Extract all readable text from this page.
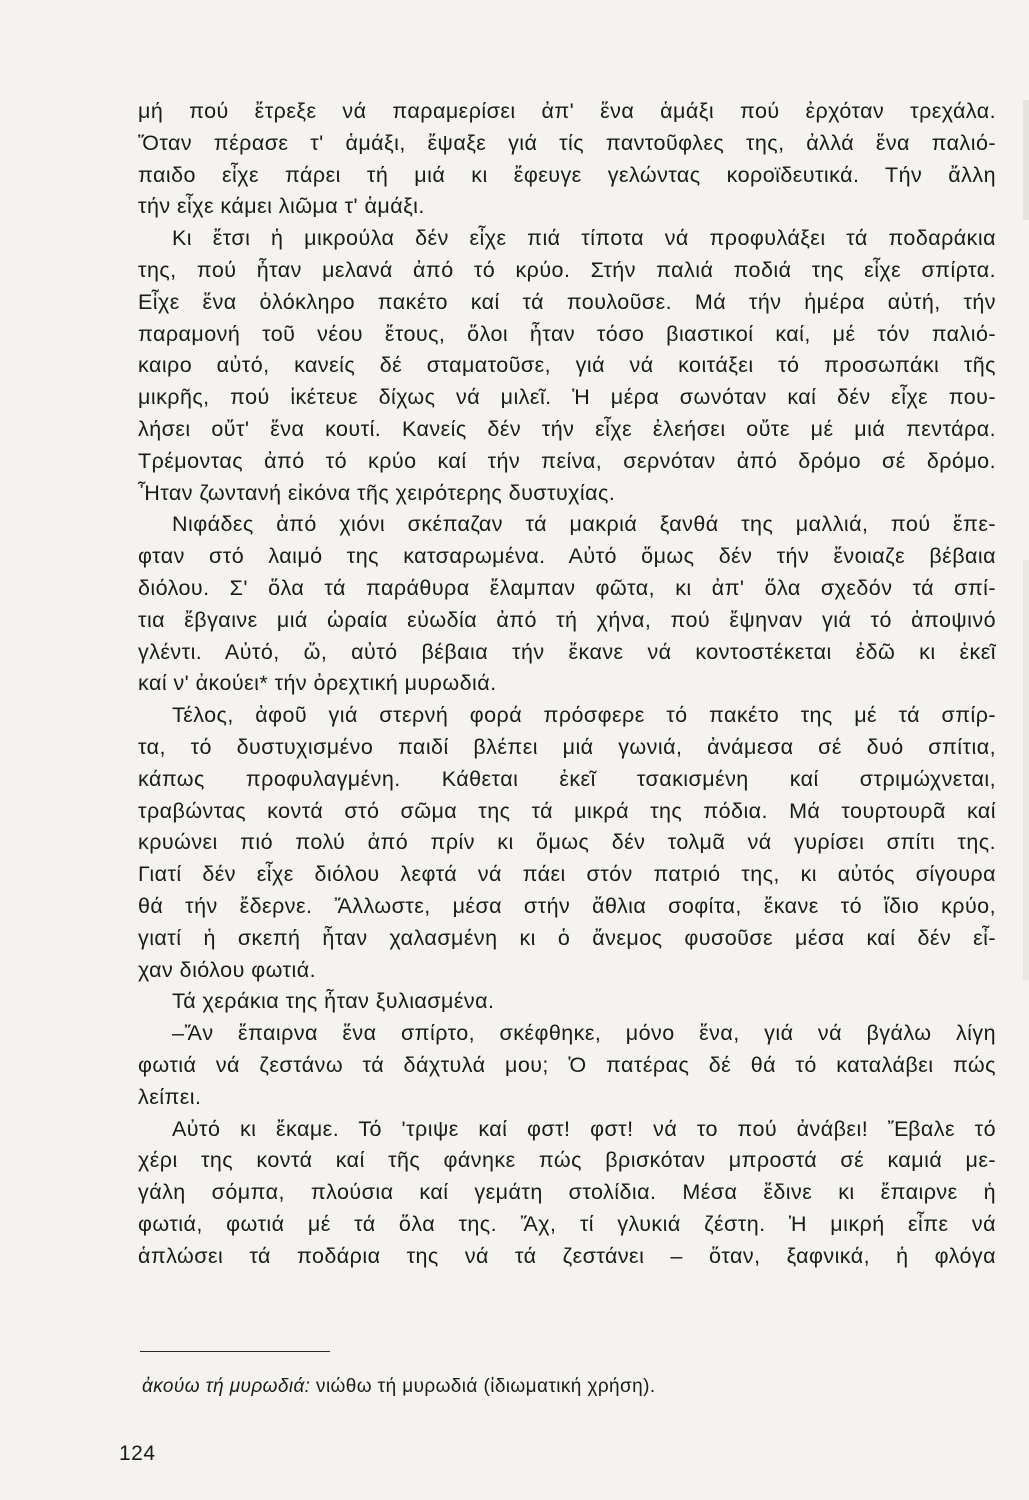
μή πού ἔτρεξε νά παραμερίσει ἀπ' ἕνα ἁμάξι πού ἐρχόταν τρεχάλα.
Ὅταν πέρασε τ' ἁμάξι, ἔψαξε γιά τίς παντοῦφλες της, ἀλλά ἕνα παλιό-
παιδο εἶχε πάρει τή μιά κι ἔφευγε γελώντας κοροϊδευτικά. Τήν ἄλλη
τήν εἶχε κάμει λιῶμα τ' ἁμάξι.
Κι ἔτσι ἡ μικρούλα δέν εἶχε πιά τίποτα νά προφυλάξει τά ποδαράκια
της, πού ἦταν μελανά ἀπό τό κρύο. Στήν παλιά ποδιά της εἶχε σπίρτα.
Εἶχε ἕνα ὁλόκληρο πακέτο καί τά πουλοῦσε. Μά τήν ἡμέρα αὐτή, τήν
παραμονή τοῦ νέου ἔτους, ὅλοι ἦταν τόσο βιαστικοί καί, μέ τόν παλιό-
καιρο αὐτό, κανείς δέ σταματοῦσε, γιά νά κοιτάξει τό προσωπάκι τῆς
μικρῆς, πού ἱκέτευε δίχως νά μιλεῖ. Ἡ μέρα σωνόταν καί δέν εἶχε που-
λήσει οὔτ' ἕνα κουτί. Κανείς δέν τήν εἶχε ἐλεήσει οὔτε μέ μιά πεντάρα.
Τρέμοντας ἀπό τό κρύο καί τήν πείνα, σερνόταν ἀπό δρόμο σέ δρόμο.
Ἦταν ζωντανή εἰκόνα τῆς χειρότερης δυστυχίας.
Νιφάδες ἀπό χιόνι σκέπαζαν τά μακριά ξανθά της μαλλιά, πού ἔπε-
φταν στό λαιμό της κατσαρωμένα. Αὐτό ὅμως δέν τήν ἔνοιαζε βέβαια
διόλου. Σ' ὅλα τά παράθυρα ἔλαμπαν φῶτα, κι ἀπ' ὅλα σχεδόν τά σπί-
τια ἔβγαινε μιά ὡραία εὐωδία ἀπό τή χήνα, πού ἔψηναν γιά τό ἀποψινό
γλέντι. Αὐτό, ὤ, αὐτό βέβαια τήν ἔκανε νά κοντοστέκεται ἐδῶ κι ἐκεῖ
καί ν' ἀκούει* τήν ὀρεχτική μυρωδιά.
Τέλος, ἀφοῦ γιά στερνή φορά πρόσφερε τό πακέτο της μέ τά σπίρ-
τα, τό δυστυχισμένο παιδί βλέπει μιά γωνιά, ἀνάμεσα σέ δυό σπίτια,
κάπως προφυλαγμένη. Κάθεται ἐκεῖ τσακισμένη καί στριμώχνεται,
τραβώντας κοντά στό σῶμα της τά μικρά της πόδια. Μά τουρτουρᾶ καί
κρυώνει πιό πολύ ἀπό πρίν κι ὅμως δέν τολμᾶ νά γυρίσει σπίτι της.
Γιατί δέν εἶχε διόλου λεφτά νά πάει στόν πατριό της, κι αὐτός σίγουρα
θά τήν ἔδερνε. Ἄλλωστε, μέσα στήν ἄθλια σοφίτα, ἔκανε τό ἴδιο κρύο,
γιατί ἡ σκεπή ἦταν χαλασμένη κι ὁ ἄνεμος φυσοῦσε μέσα καί δέν εἶ-
χαν διόλου φωτιά.
Τά χεράκια της ἦταν ξυλιασμένα.
–Ἄν ἔπαιρνα ἕνα σπίρτο, σκέφθηκε, μόνο ἕνα, γιά νά βγάλω λίγη
φωτιά νά ζεστάνω τά δάχτυλά μου; Ὁ πατέρας δέ θά τό καταλάβει πώς
λείπει.
Αὐτό κι ἔκαμε. Τό 'τριψε καί φστ! φστ! νά το πού ἀνάβει! Ἔβαλε τό
χέρι της κοντά καί τῆς φάνηκε πώς βρισκόταν μπροστά σέ καμιά με-
γάλη σόμπα, πλούσια καί γεμάτη στολίδια. Μέσα ἔδινε κι ἔπαιρνε ἡ
φωτιά, φωτιά μέ τά ὅλα της. Ἄχ, τί γλυκιά ζέστη. Ἡ μικρή εἶπε νά
ἁπλώσει τά ποδάρια της νά τά ζεστάνει – ὅταν, ξαφνικά, ἡ φλόγα
ἀκούω τή μυρωδιά: νιώθω τή μυρωδιά (ἰδιωματική χρήση).
124
